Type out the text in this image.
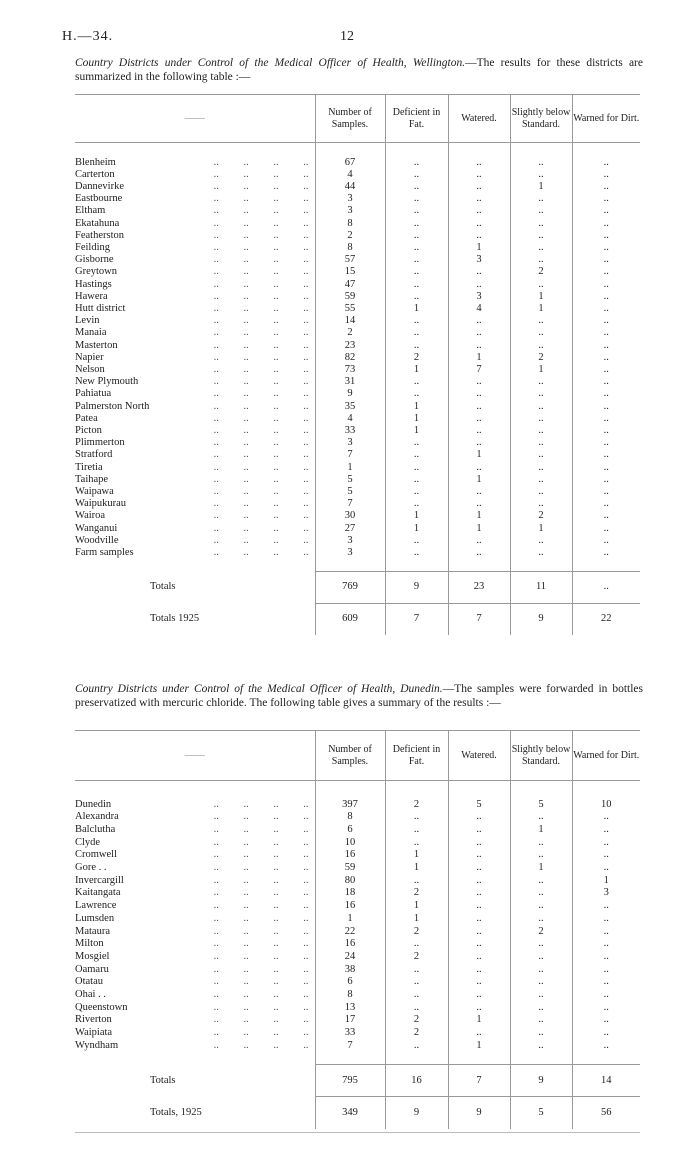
H.—34.	12
Country Districts under Control of the Medical Officer of Health, Wellington.—The results for these districts are summarized in the following table :—
——		Number of Samples.	Deficient in Fat.	Watered.	Slightly below Standard.	Warned for Dirt.

Blenheim	.. .. .. ..	67	..	..	..	..
Carterton	.. .. .. ..	4	..	..	..	..
Dannevirke	.. .. .. ..	44	..	..	1	..
Eastbourne	.. .. .. ..	3	..	..	..	..
Eltham	.. .. .. ..	3	..	..	..	..
Ekatahuna	.. .. .. ..	8	..	..	..	..
Featherston	.. .. .. ..	2	..	..	..	..
Feilding	.. .. .. ..	8	..	1	..	..
Gisborne	.. .. .. ..	57	..	3	..	..
Greytown	.. .. .. ..	15	..	..	2	..
Hastings	.. .. .. ..	47	..	..	..	..
Hawera	.. .. .. ..	59	..	3	1	..
Hutt district	.. .. .. ..	55	1	4	1	..
Levin	.. .. .. ..	14	..	..	..	..
Manaia	.. .. .. ..	2	..	..	..	..
Masterton	.. .. .. ..	23	..	..	..	..
Napier	.. .. .. ..	82	2	1	2	..
Nelson	.. .. .. ..	73	1	7	1	..
New Plymouth	.. .. .. ..	31	..	..	..	..
Pahiatua	.. .. .. ..	9	..	..	..	..
Palmerston North	.. .. .. ..	35	1	..	..	..
Patea	.. .. .. ..	4	1	..	..	..
Picton	.. .. .. ..	33	1	..	..	..
Plimmerton	.. .. .. ..	3	..	..	..	..
Stratford	.. .. .. ..	7	..	1	..	..
Tiretia	.. .. .. ..	1	..	..	..	..
Taihape	.. .. .. ..	5	..	1	..	..
Waipawa	.. .. .. ..	5	..	..	..	..
Waipukurau	.. .. .. ..	7	..	..	..	..
Wairoa	.. .. .. ..	30	1	1	2	..
Wanganui	.. .. .. ..	27	1	1	1	..
Woodville	.. .. .. ..	3	..	..	..	..
Farm samples	.. .. .. ..	3	..	..	..	..

Totals		769	9	23	11	..
Totals 1925		609	7	7	9	22
Country Districts under Control of the Medical Officer of Health, Dunedin.—The samples were forwarded in bottles preservatized with mercuric chloride. The following table gives a summary of the results :—
——		Number of Samples.	Deficient in Fat.	Watered.	Slightly below Standard.	Warned for Dirt.

Dunedin	.. .. .. ..	397	2	5	5	10
Alexandra	.. .. .. ..	8	..	..	..	..
Balclutha	.. .. .. ..	6	..	..	1	..
Clyde	.. .. .. ..	10	..	..	..	..
Cromwell	.. .. .. ..	16	1	..	..	..
Gore . .	.. .. .. ..	59	1	..	1	..
Invercargill	.. .. .. ..	80	..	..	..	1
Kaitangata	.. .. .. ..	18	2	..	..	3
Lawrence	.. .. .. ..	16	1	..	..	..
Lumsden	.. .. .. ..	1	1	..	..	..
Mataura	.. .. .. ..	22	2	..	2	..
Milton	.. .. .. ..	16	..	..	..	..
Mosgiel	.. .. .. ..	24	2	..	..	..
Oamaru	.. .. .. ..	38	..	..	..	..
Otatau	.. .. .. ..	6	..	..	..	..
Ohai . .	.. .. .. ..	8	..	..	..	..
Queenstown	.. .. .. ..	13	..	..	..	..
Riverton	.. .. .. ..	17	2	1	..	..
Waipiata	.. .. .. ..	33	2	..	..	..
Wyndham	.. .. .. ..	7	..	1	..	..

Totals		795	16	7	9	14
Totals, 1925		349	9	9	5	56
